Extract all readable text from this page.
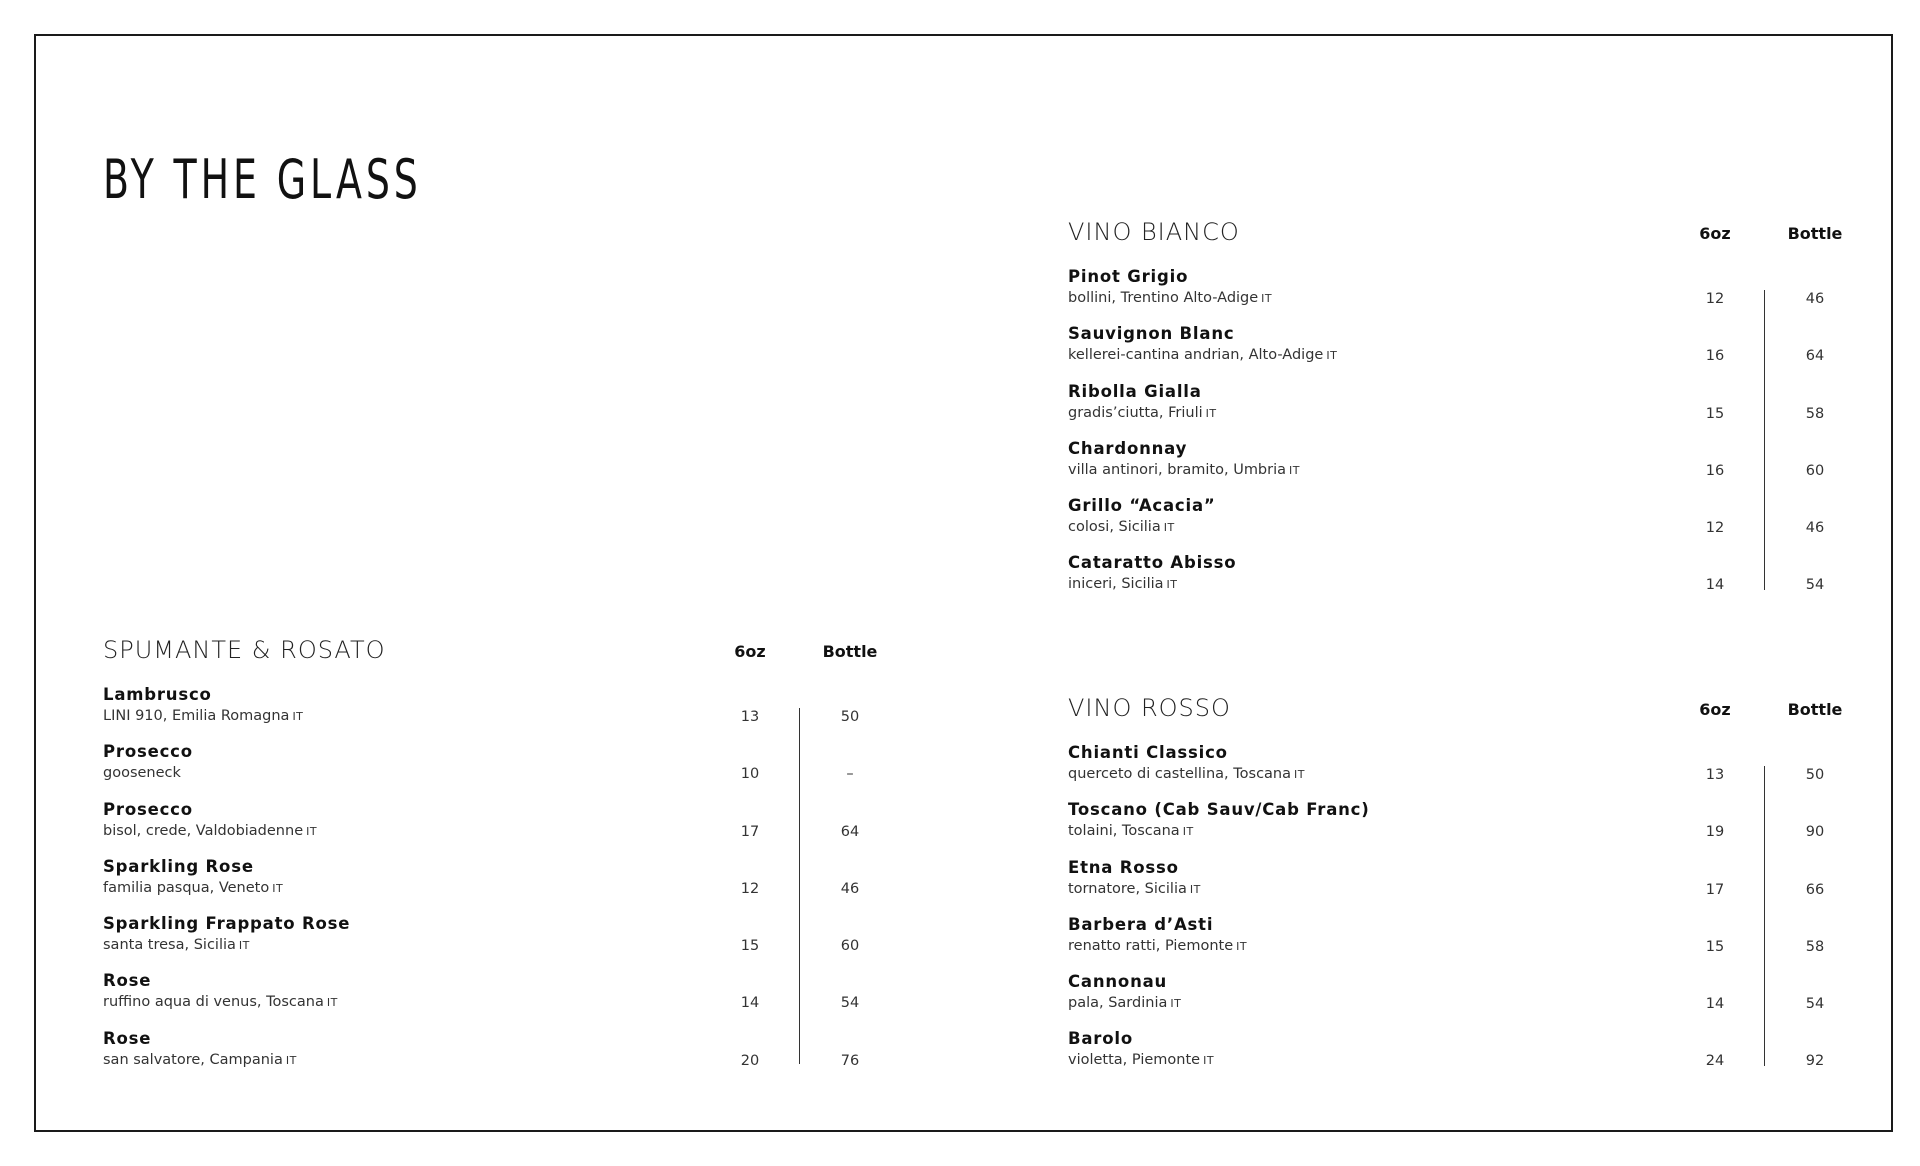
BY THE GLASS
SPUMANTE & ROSATO	6oz	Bottle
Lambrusco
LINI 910, Emilia Romagna IT	13	50
Prosecco
gooseneck	10	–
Prosecco
bisol, crede, Valdobiadenne IT	17	64
Sparkling Rose
familia pasqua, Veneto IT	12	46
Sparkling Frappato Rose
santa tresa, Sicilia IT	15	60
Rose
ruffino aqua di venus, Toscana IT	14	54
Rose
san salvatore, Campania IT	20	76
VINO BIANCO	6oz	Bottle
Pinot Grigio
bollini, Trentino Alto-Adige IT	12	46
Sauvignon Blanc
kellerei-cantina andrian, Alto-Adige IT	16	64
Ribolla Gialla
gradis’ciutta, Friuli IT	15	58
Chardonnay
villa antinori, bramito, Umbria IT	16	60
Grillo “Acacia”
colosi, Sicilia IT	12	46
Cataratto Abisso
iniceri, Sicilia IT	14	54
VINO ROSSO	6oz	Bottle
Chianti Classico
querceto di castellina, Toscana IT	13	50
Toscano (Cab Sauv/Cab Franc)
tolaini, Toscana IT	19	90
Etna Rosso
tornatore, Sicilia IT	17	66
Barbera d’Asti
renatto ratti, Piemonte IT	15	58
Cannonau
pala, Sardinia IT	14	54
Barolo
violetta, Piemonte IT	24	92
